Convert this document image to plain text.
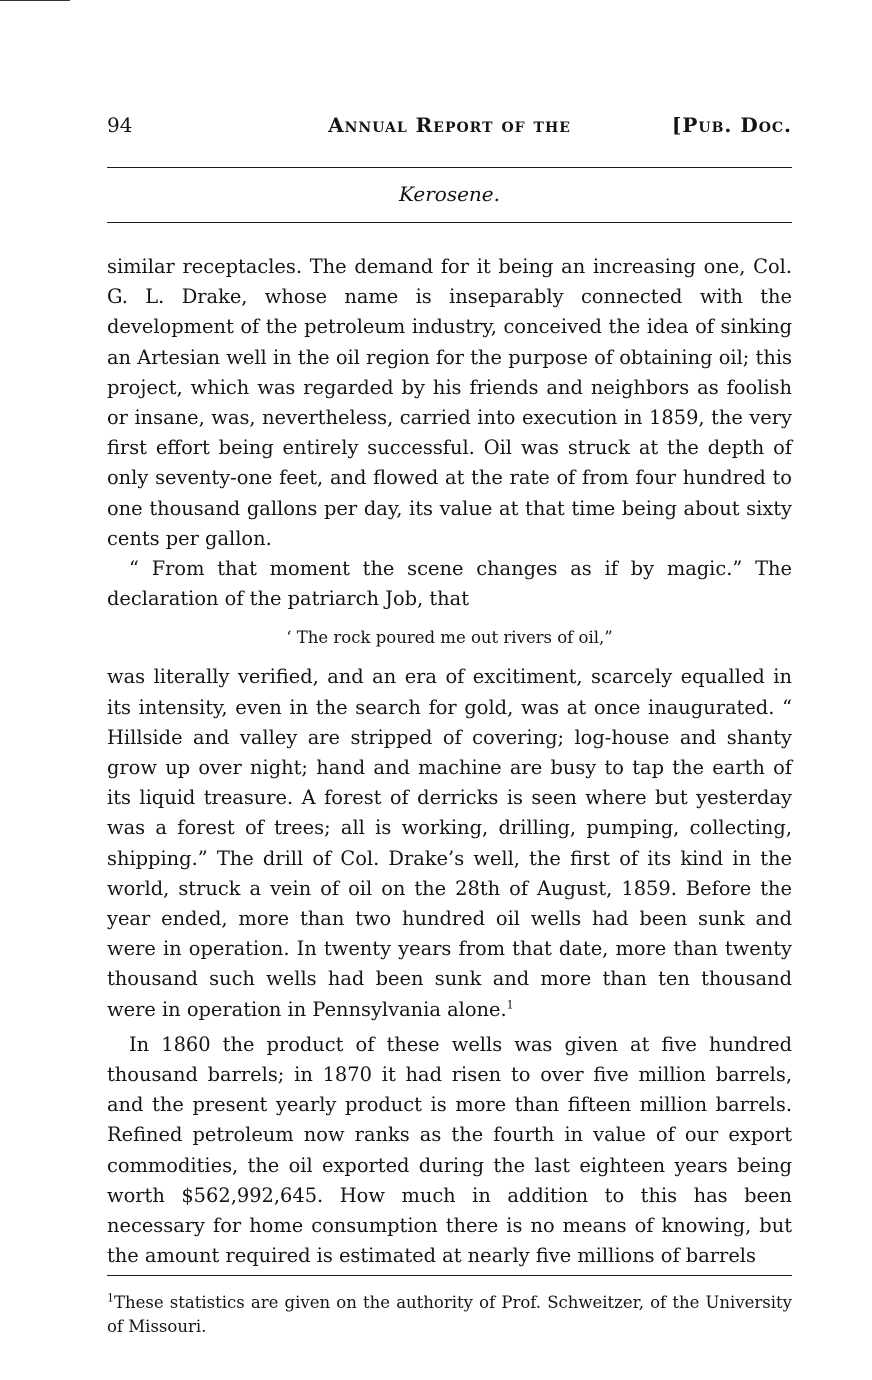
94	Annual Report of the	[Pub. Doc.
Kerosene.

similar receptacles. The demand for it being an increasing one, Col. G. L. Drake, whose name is inseparably connected with the development of the petroleum industry, conceived the idea of sinking an Artesian well in the oil region for the purpose of obtaining oil; this project, which was regarded by his friends and neighbors as foolish or insane, was, nevertheless, carried into execution in 1859, the very first effort being entirely successful. Oil was struck at the depth of only seventy-one feet, and flowed at the rate of from four hundred to one thousand gallons per day, its value at that time being about sixty cents per gallon.

“ From that moment the scene changes as if by magic.” The declaration of the patriarch Job, that

‘ The rock poured me out rivers of oil,”

was literally verified, and an era of excitiment, scarcely equalled in its intensity, even in the search for gold, was at once inaugurated. “ Hillside and valley are stripped of covering; log-house and shanty grow up over night; hand and machine are busy to tap the earth of its liquid treasure. A forest of derricks is seen where but yesterday was a forest of trees; all is working, drilling, pumping, collecting, shipping.” The drill of Col. Drake’s well, the first of its kind in the world, struck a vein of oil on the 28th of August, 1859. Before the year ended, more than two hundred oil wells had been sunk and were in operation. In twenty years from that date, more than twenty thousand such wells had been sunk and more than ten thousand were in operation in Pennsylvania alone.$^1$

In 1860 the product of these wells was given at five hundred thousand barrels; in 1870 it had risen to over five million barrels, and the present yearly product is more than fifteen million barrels. Refined petroleum now ranks as the fourth in value of our export commodities, the oil exported during the last eighteen years being worth $562,992,645. How much in addition to this has been necessary for home consumption there is no means of knowing, but the amount required is estimated at nearly five millions of barrels

$^1$These statistics are given on the authority of Prof. Schweitzer, of the University of Missouri.
